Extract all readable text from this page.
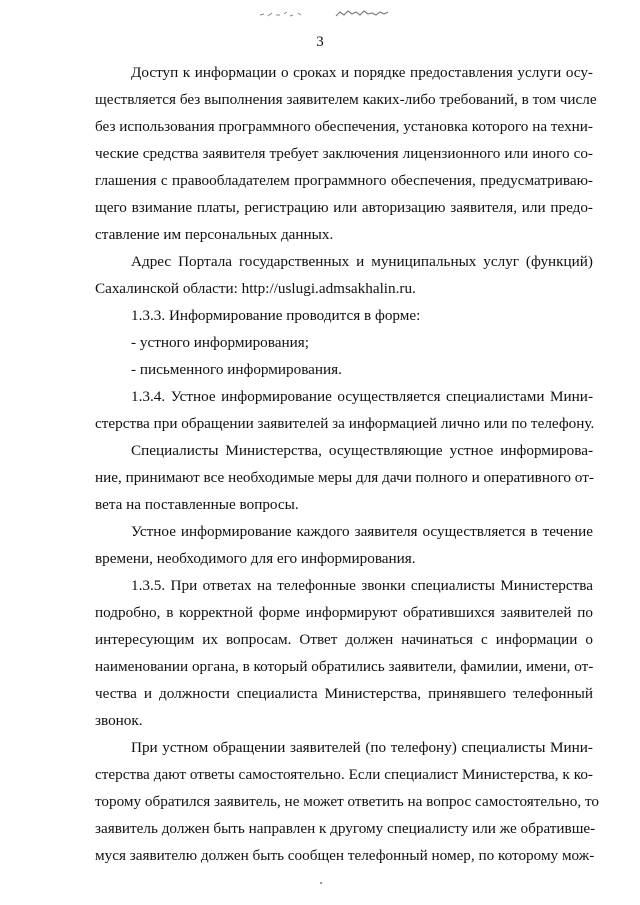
3
Доступ к информации о сроках и порядке предоставления услуги осу-
ществляется без выполнения заявителем каких-либо требований, в том числе
без использования программного обеспечения, установка которого на техни-
ческие средства заявителя требует заключения лицензионного или иного со-
глашения с правообладателем программного обеспечения, предусматриваю-
щего взимание платы, регистрацию или авторизацию заявителя, или предо-
ставление им персональных данных.
Адрес Портала государственных и муниципальных услуг (функций)
Сахалинской области: http://uslugi.admsakhalin.ru.
1.3.3. Информирование проводится в форме:
- устного информирования;
- письменного информирования.
1.3.4. Устное информирование осуществляется специалистами Мини-
стерства при обращении заявителей за информацией лично или по телефону.
Специалисты Министерства, осуществляющие устное информирова-
ние, принимают все необходимые меры для дачи полного и оперативного от-
вета на поставленные вопросы.
Устное информирование каждого заявителя осуществляется в течение
времени, необходимого для его информирования.
1.3.5. При ответах на телефонные звонки специалисты Министерства
подробно, в корректной форме информируют обратившихся заявителей по
интересующим их вопросам. Ответ должен начинаться с информации о
наименовании органа, в который обратились заявители, фамилии, имени, от-
чества и должности специалиста Министерства, принявшего телефонный
звонок.
При устном обращении заявителей (по телефону) специалисты Мини-
стерства дают ответы самостоятельно. Если специалист Министерства, к ко-
торому обратился заявитель, не может ответить на вопрос самостоятельно, то
заявитель должен быть направлен к другому специалисту или же обративше-
муся заявителю должен быть сообщен телефонный номер, по которому мож-
